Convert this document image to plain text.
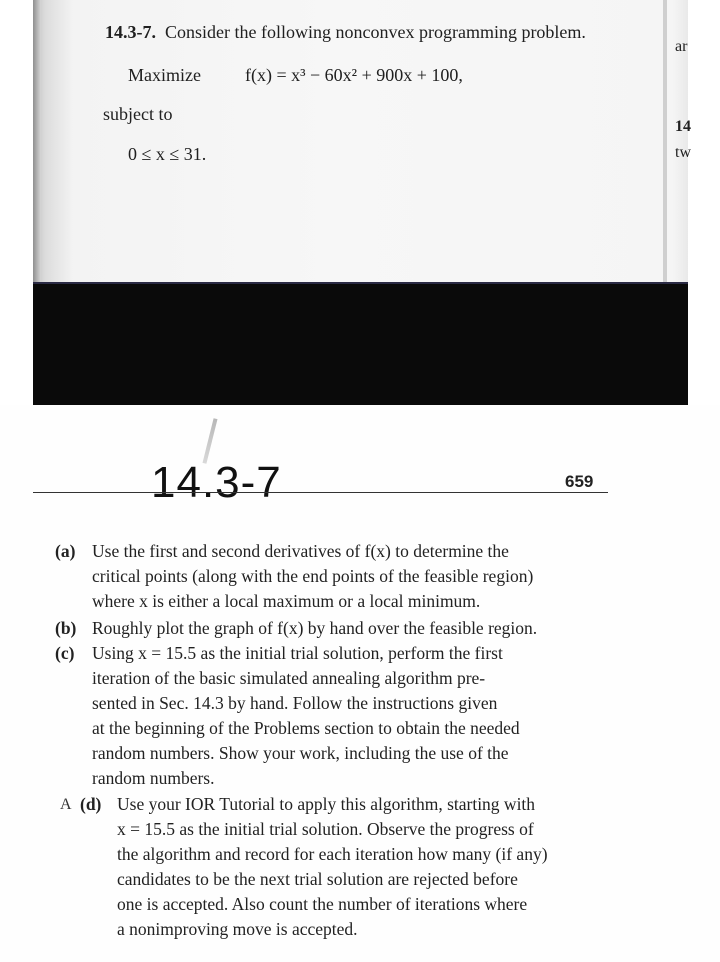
14.3-7. Consider the following nonconvex programming problem.
Maximize f(x) = x³ − 60x² + 900x + 100,
subject to
0 ≤ x ≤ 31.
ar
14
tw
14.3-7	659
(a) Use the first and second derivatives of f(x) to determine the
critical points (along with the end points of the feasible region)
where x is either a local maximum or a local minimum.
(b) Roughly plot the graph of f(x) by hand over the feasible region.
(c) Using x = 15.5 as the initial trial solution, perform the first
iteration of the basic simulated annealing algorithm pre-
sented in Sec. 14.3 by hand. Follow the instructions given
at the beginning of the Problems section to obtain the needed
random numbers. Show your work, including the use of the
random numbers.
A (d) Use your IOR Tutorial to apply this algorithm, starting with
x = 15.5 as the initial trial solution. Observe the progress of
the algorithm and record for each iteration how many (if any)
candidates to be the next trial solution are rejected before
one is accepted. Also count the number of iterations where
a nonimproving move is accepted.
